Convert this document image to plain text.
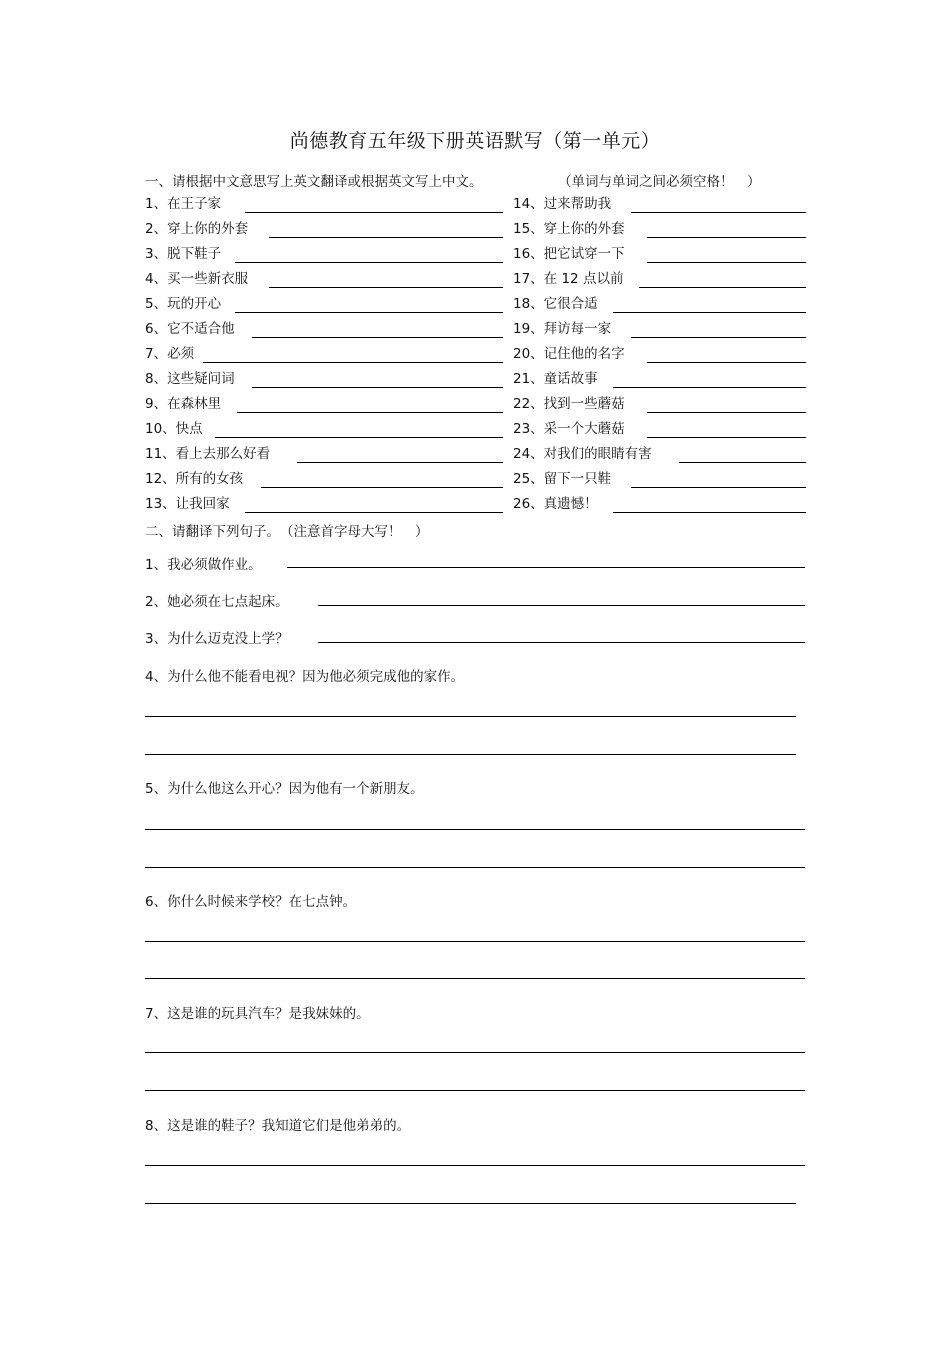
尚德教育五年级下册英语默写（第一单元）
一、请根据中文意思写上英文翻译或根据英文写上中文。	（单词与单词之间必须空格！　）
1、在王子家
2、穿上你的外套
3、脱下鞋子
4、买一些新衣服
5、玩的开心
6、它不适合他
7、必须
8、这些疑问词
9、在森林里
10、快点
11、看上去那么好看
12、所有的女孩
13、让我回家
14、过来帮助我
15、穿上你的外套
16、把它试穿一下
17、在 12 点以前
18、它很合适
19、拜访每一家
20、记住他的名字
21、童话故事
22、找到一些蘑菇
23、采一个大蘑菇
24、对我们的眼睛有害
25、留下一只鞋
26、真遗憾！
二、请翻译下列句子。　（注意首字母大写！　）
1、我必须做作业。
2、她必须在七点起床。
3、为什么迈克没上学？
4、为什么他不能看电视？因为他必须完成他的家作。
5、为什么他这么开心？因为他有一个新朋友。
6、你什么时候来学校？在七点钟。
7、这是谁的玩具汽车？是我妹妹的。
8、这是谁的鞋子？我知道它们是他弟弟的。
